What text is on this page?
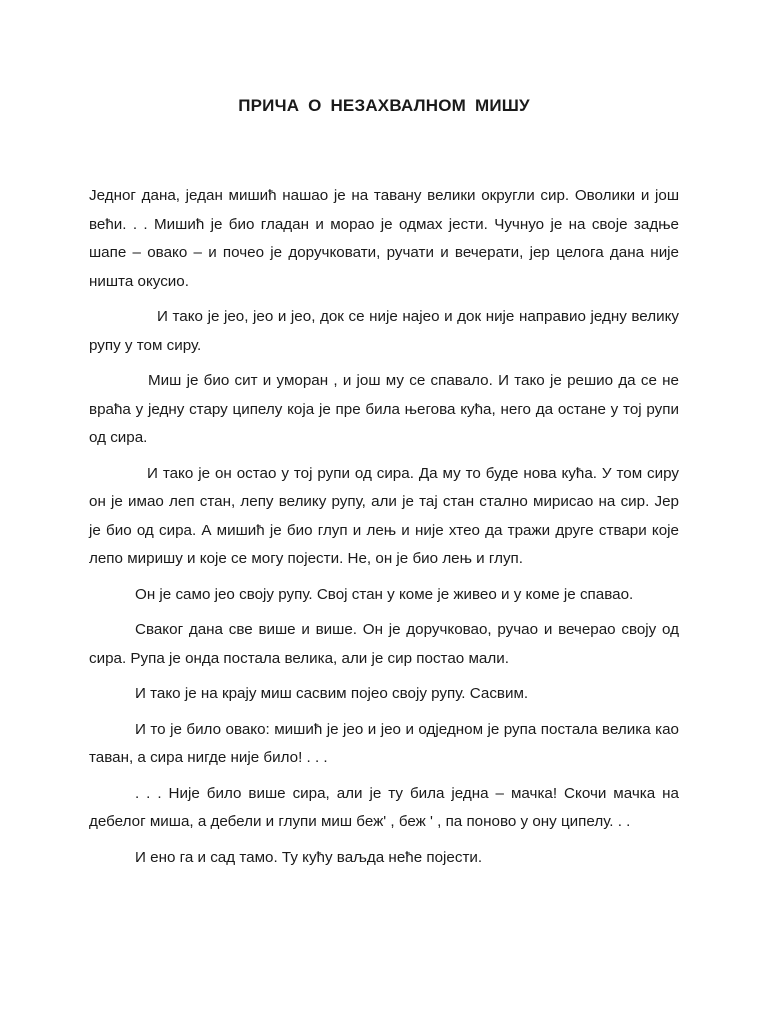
ПРИЧА О НЕЗАХВАЛНОМ МИШУ

Једног дана, један мишић нашао је на тавану велики округли сир. Оволики и још већи. . . Мишић је био гладан и морао је одмах јести. Чучнуо је на своје задње шапе – овако – и почео је доручковати, ручати и вечерати, јер целога дана није ништа окусио.

И тако је јео, јео и јео, док се није најео и док није направио једну велику рупу у том сиру.

Миш је био сит и уморан , и још му се спавало. И тако је решио да се не враћа у једну стару ципелу која је пре била његова кућа, него да остане у тој рупи од сира.

И тако је он остао у тој рупи од сира. Да му то буде нова кућа. У том сиру он је имао леп стан, лепу велику рупу, али је тај стан стално мирисао на сир. Јер је био од сира. А мишић је био глуп и лењ и није хтео да тражи друге ствари које лепо миришу и које се могу појести. Не, он је био лењ и глуп.

Он је само јео своју рупу. Свој стан у коме је живео и у коме је спавао.

Сваког дана све више и више. Он је доручковао, ручао и вечерао своју од сира. Рупа је онда постала велика, али је сир постао мали.

И тако је на крају миш сасвим појео своју рупу. Сасвим.

И то је било овако: мишић је јео и јео и одједном је рупа постала велика као таван, а сира нигде није било! . . .

. . . Није било више сира, али је ту била једна – мачка! Скочи мачка на дебелог миша, а дебели и глупи миш беж' , беж ' , па поново у ону ципелу. . .

И ено га и сад тамо. Ту кућу ваљда неће појести.
